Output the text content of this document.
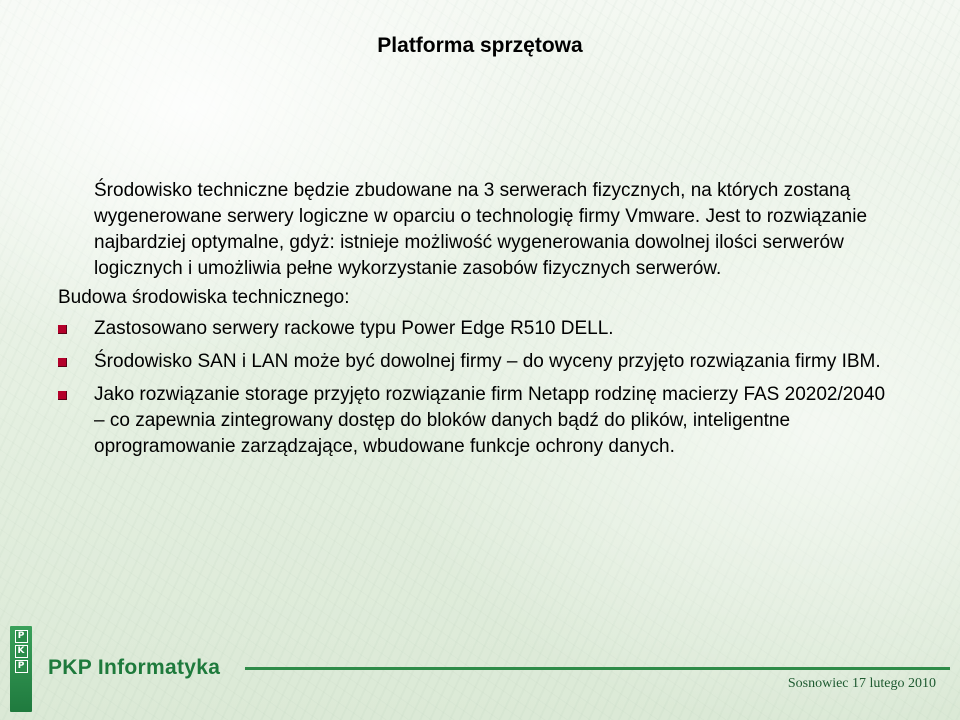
Platforma sprzętowa

Środowisko techniczne będzie zbudowane na 3 serwerach fizycznych, na których zostaną wygenerowane serwery logiczne w oparciu o technologię firmy Vmware. Jest to rozwiązanie najbardziej optymalne, gdyż: istnieje możliwość wygenerowania dowolnej ilości serwerów logicznych i umożliwia pełne wykorzystanie zasobów fizycznych serwerów.

Budowa środowiska technicznego:

Zastosowano serwery rackowe typu Power Edge R510 DELL.
Środowisko SAN i LAN może być dowolnej firmy – do wyceny przyjęto rozwiązania firmy IBM.
Jako rozwiązanie storage przyjęto rozwiązanie firm Netapp rodzinę macierzy FAS 20202/2040 – co zapewnia zintegrowany dostęp do bloków danych bądź do plików, inteligentne oprogramowanie zarządzające, wbudowane funkcje ochrony danych.
P
K
P PKP Informatyka

Sosnowiec 17 lutego 2010
